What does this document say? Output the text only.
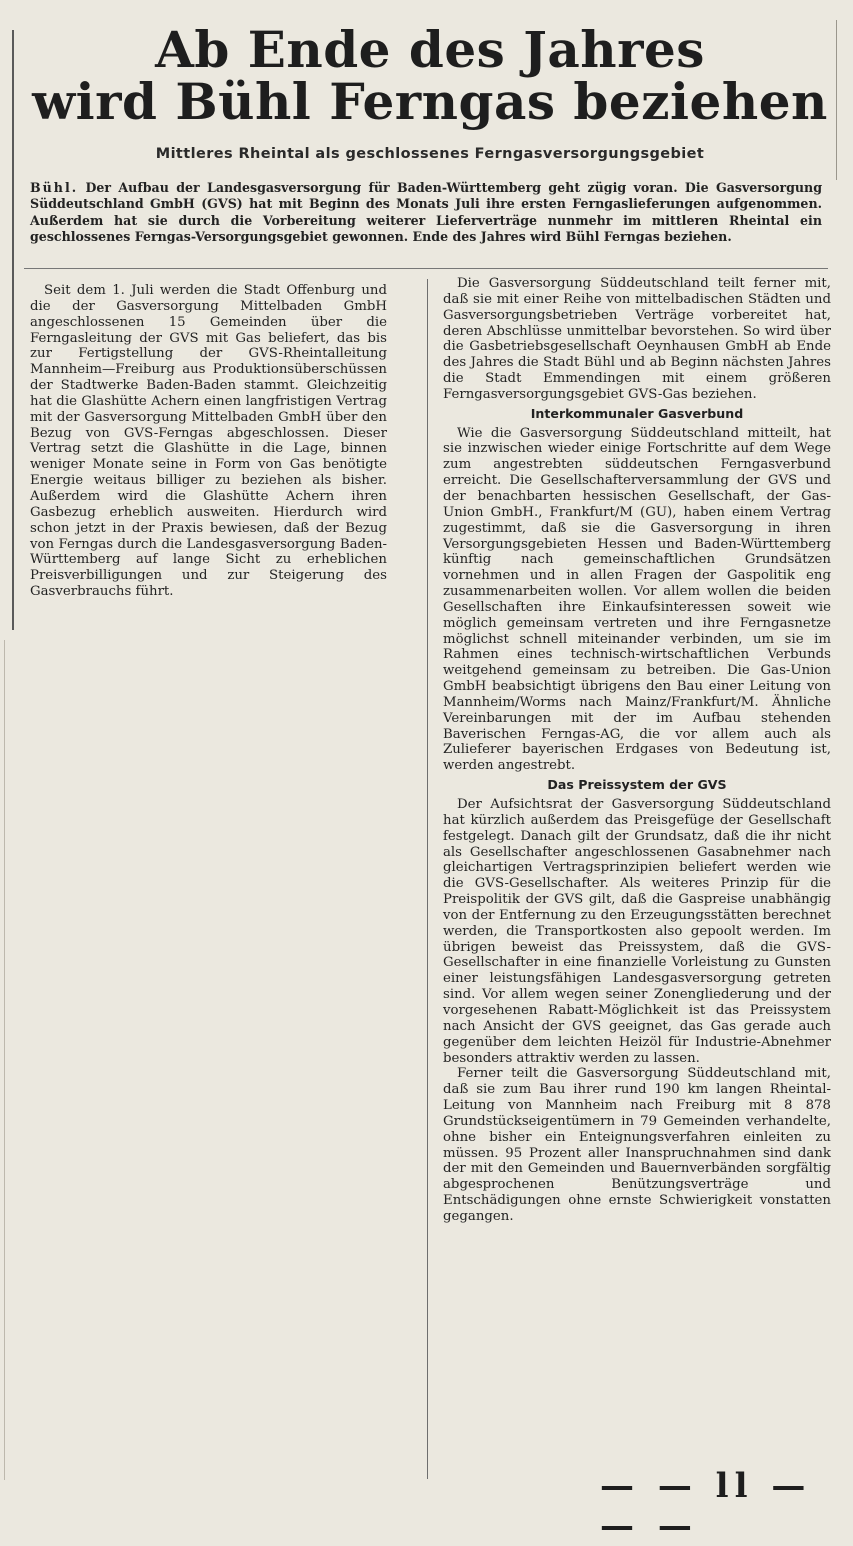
Ab Ende des Jahres
wird Bühl Ferngas beziehen
Mittleres Rheintal als geschlossenes Ferngasversorgungsgebiet
Bühl. Der Aufbau der Landesgasversorgung für Baden-Württemberg geht zügig voran. Die Gasversorgung Süddeutschland GmbH (GVS) hat mit Beginn des Monats Juli ihre ersten Ferngaslieferungen aufgenommen. Außerdem hat sie durch die Vorbereitung weiterer Lieferverträge nunmehr im mittleren Rheintal ein geschlossenes Ferngas-Versorgungsgebiet gewonnen. Ende des Jahres wird Bühl Ferngas beziehen.

Seit dem 1. Juli werden die Stadt Offenburg und die der Gasversorgung Mittelbaden GmbH angeschlossenen 15 Gemeinden über die Ferngasleitung der GVS mit Gas beliefert, das bis zur Fertigstellung der GVS-Rheintalleitung Mannheim—Freiburg aus Produktionsüberschüssen der Stadtwerke Baden-Baden stammt. Gleichzeitig hat die Glashütte Achern einen langfristigen Vertrag mit der Gasversorgung Mittelbaden GmbH über den Bezug von GVS-Ferngas abgeschlossen. Dieser Vertrag setzt die Glashütte in die Lage, binnen weniger Monate seine in Form von Gas benötigte Energie weitaus billiger zu beziehen als bisher. Außerdem wird die Glashütte Achern ihren Gasbezug erheblich ausweiten. Hierdurch wird schon jetzt in der Praxis bewiesen, daß der Bezug von Ferngas durch die Landesgasversorgung Baden-Württemberg auf lange Sicht zu erheblichen Preisverbilligungen und zur Steigerung des Gasverbrauchs führt.

Die Gasversorgung Süddeutschland teilt ferner mit, daß sie mit einer Reihe von mittelbadischen Städten und Gasversorgungsbetrieben Verträge vorbereitet hat, deren Abschlüsse unmittelbar bevorstehen. So wird über die Gasbetriebsgesellschaft Oeynhausen GmbH ab Ende des Jahres die Stadt Bühl und ab Beginn nächsten Jahres die Stadt Emmendingen mit einem größeren Ferngasversorgungsgebiet GVS-Gas beziehen.

Interkommunaler Gasverbund

Wie die Gasversorgung Süddeutschland mitteilt, hat sie inzwischen wieder einige Fortschritte auf dem Wege zum angestrebten süddeutschen Ferngasverbund erreicht. Die Gesellschafterversammlung der GVS und der benachbarten hessischen Gesellschaft, der Gas-Union GmbH., Frankfurt/M (GU), haben einem Vertrag zugestimmt, daß sie die Gasversorgung in ihren Versorgungsgebieten Hessen und Baden-Württemberg künftig nach gemeinschaftlichen Grundsätzen vornehmen und in allen Fragen der Gaspolitik eng zusammenarbeiten wollen. Vor allem wollen die beiden Gesellschaften ihre Einkaufsinteressen soweit wie möglich gemeinsam vertreten und ihre Ferngasnetze möglichst schnell miteinander verbinden, um sie im Rahmen eines technisch-wirtschaftlichen Verbunds weitgehend gemeinsam zu betreiben. Die Gas-Union GmbH beabsichtigt übrigens den Bau einer Leitung von Mannheim/Worms nach Mainz/Frankfurt/M. Ähnliche Vereinbarungen mit der im Aufbau stehenden Baverischen Ferngas-AG, die vor allem auch als Zulieferer bayerischen Erdgases von Bedeutung ist, werden angestrebt.

Das Preissystem der GVS

Der Aufsichtsrat der Gasversorgung Süddeutschland hat kürzlich außerdem das Preisgefüge der Gesellschaft festgelegt. Danach gilt der Grundsatz, daß die ihr nicht als Gesellschafter angeschlossenen Gasabnehmer nach gleichartigen Vertragsprinzipien beliefert werden wie die GVS-Gesellschafter. Als weiteres Prinzip für die Preispolitik der GVS gilt, daß die Gaspreise unabhängig von der Entfernung zu den Erzeugungsstätten berechnet werden, die Transportkosten also gepoolt werden. Im übrigen beweist das Preissystem, daß die GVS-Gesellschafter in eine finanzielle Vorleistung zu Gunsten einer leistungsfähigen Landesgasversorgung getreten sind. Vor allem wegen seiner Zonengliederung und der vorgesehenen Rabatt-Möglichkeit ist das Preissystem nach Ansicht der GVS geeignet, das Gas gerade auch gegenüber dem leichten Heizöl für Industrie-Abnehmer besonders attraktiv werden zu lassen.

Ferner teilt die Gasversorgung Süddeutschland mit, daß sie zum Bau ihrer rund 190 km langen Rheintal-Leitung von Mannheim nach Freiburg mit 8 878 Grundstückseigentümern in 79 Gemeinden verhandelte, ohne bisher ein Enteignungsverfahren einleiten zu müssen. 95 Prozent aller Inanspruchnahmen sind dank der mit den Gemeinden und Bauernverbänden sorgfältig abgesprochenen Benützungsverträge und Entschädigungen ohne ernste Schwierigkeit vonstatten gegangen.

— — ll — — —
